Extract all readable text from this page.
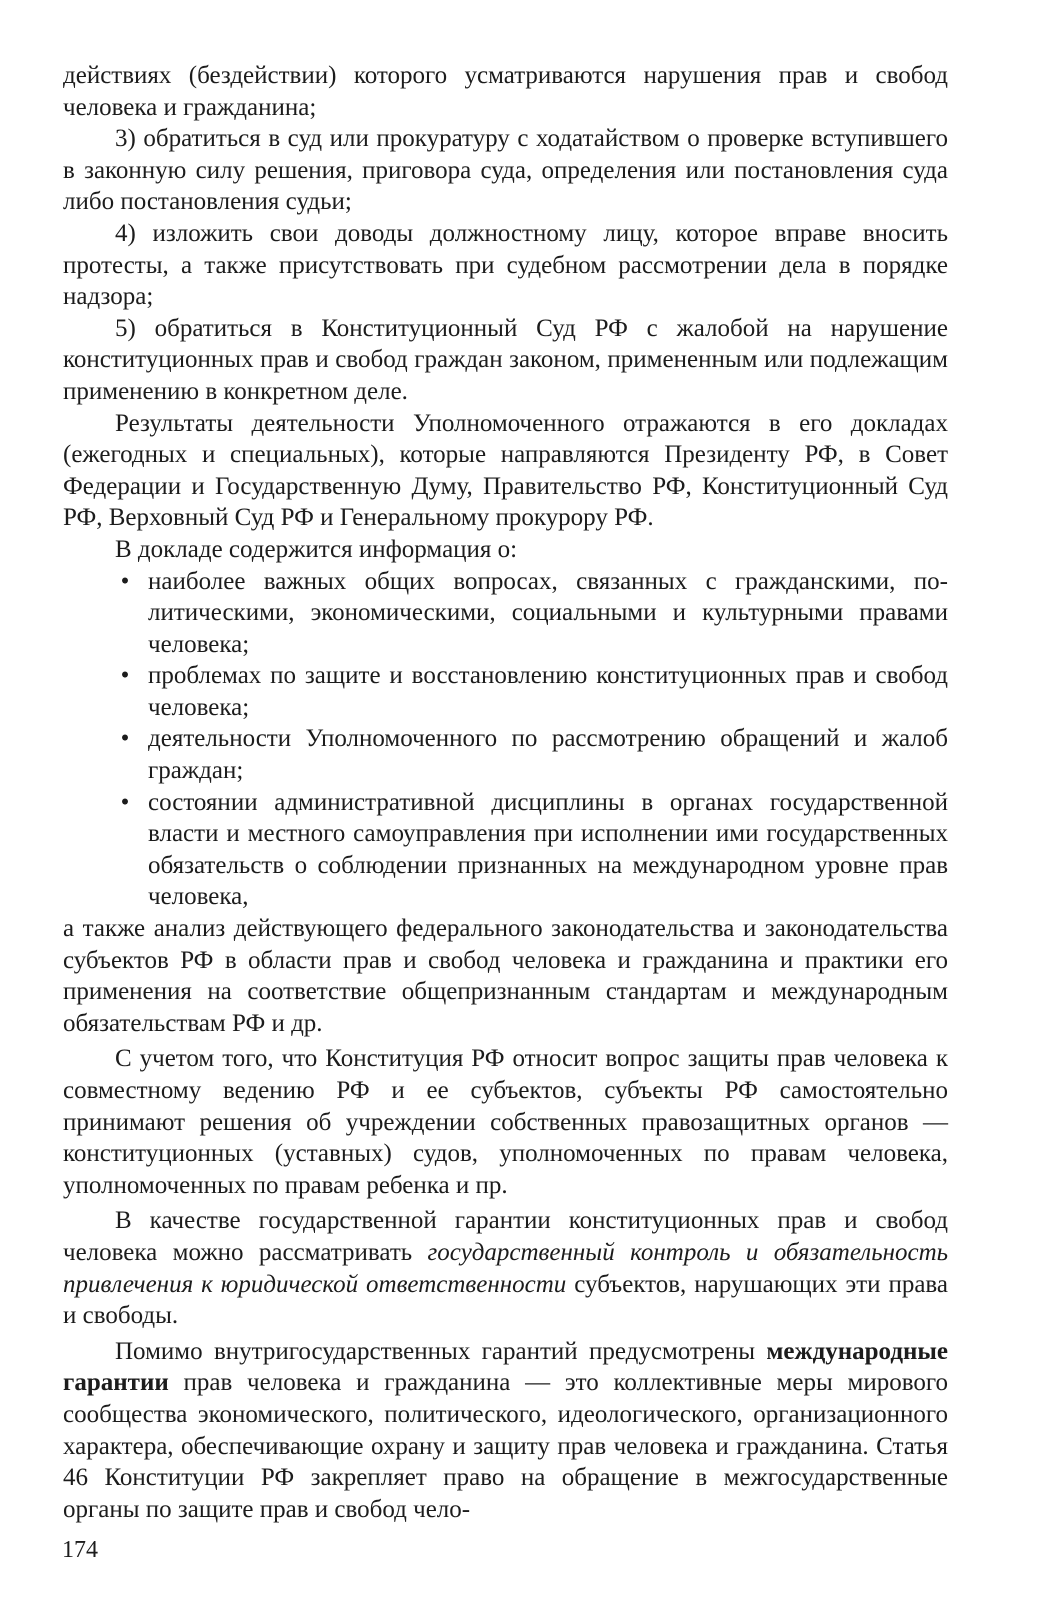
действиях (бездействии) которого усматриваются нарушения прав и свобод человека и гражданина;

3) обратиться в суд или прокуратуру с ходатайством о проверке вступившего в законную силу решения, приговора суда, определения или постановления суда либо постановления судьи;

4) изложить свои доводы должностному лицу, которое вправе вносить протесты, а также присутствовать при судебном рассмотрении дела в порядке надзора;

5) обратиться в Конституционный Суд РФ с жалобой на нарушение конституционных прав и свобод граждан законом, примененным или подлежащим применению в конкретном деле.

Результаты деятельности Уполномоченного отражаются в его докладах (ежегодных и специальных), которые направляются Президенту РФ, в Совет Федерации и Государственную Думу, Правительство РФ, Конституционный Суд РФ, Верховный Суд РФ и Генеральному прокурору РФ.

В докладе содержится информация о:

• наиболее важных общих вопросах, связанных с гражданскими, политическими, экономическими, социальными и культурными правами человека;
• проблемах по защите и восстановлению конституционных прав и свобод человека;
• деятельности Уполномоченного по рассмотрению обращений и жалоб граждан;
• состоянии административной дисциплины в органах государственной власти и местного самоуправления при исполнении ими государственных обязательств о соблюдении признанных на международном уровне прав человека,

а также анализ действующего федерального законодательства и законодательства субъектов РФ в области прав и свобод человека и гражданина и практики его применения на соответствие общепризнанным стандартам и международным обязательствам РФ и др.

С учетом того, что Конституция РФ относит вопрос защиты прав человека к совместному ведению РФ и ее субъектов, субъекты РФ самостоятельно принимают решения об учреждении собственных правозащитных органов — конституционных (уставных) судов, уполномоченных по правам человека, уполномоченных по правам ребенка и пр.

В качестве государственной гарантии конституционных прав и свобод человека можно рассматривать государственный контроль и обязательность привлечения к юридической ответственности субъектов, нарушающих эти права и свободы.

Помимо внутригосударственных гарантий предусмотрены международные гарантии прав человека и гражданина — это коллективные меры мирового сообщества экономического, политического, идеологического, организационного характера, обеспечивающие охрану и защиту прав человека и гражданина. Статья 46 Конституции РФ закрепляет право на обращение в межгосударственные органы по защите прав и свобод чело-

174
